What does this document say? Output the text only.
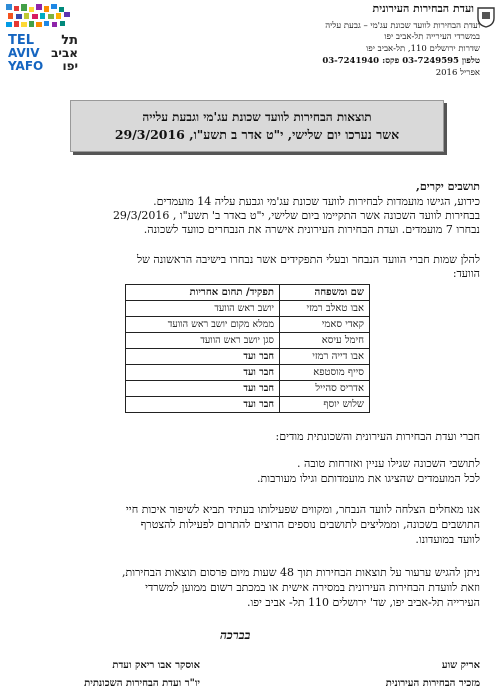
TEL
AVIV
YAFO
תל
אביב
יפו
ועדת הבחירות העירונית
ועדת הבחירות לוועד שכונת עג'מי – גבעת עליה
במשרדי העירייה תל-אביב יפו
שדרות ירושלים 110, תל-אביב יפו
טלפון 03-7249595 פקס: 03-7241940
אפריל 2016
תוצאות הבחירות לוועד שכונת עג'מי וגבעת עלייה
אשר נערכו יום שלישי, י"ט אדר ב תשע"ו, 29/3/2016
תושבים יקרים,
כידוע, הגישו מועמדות לבחירות לוועד שכונת עג'מי וגבעת עליה 14 מועמדים.
בבחירות לוועד השכונה אשר התקיימו ביום שלישי, י"ט באדר ב' תשע"ו , 29/3/2016
נבחרו 7 מועמדים. ועדת הבחירות העירונית אישרה את הנבחרים כוועד לשכונה.
להלן שמות חברי הוועד הנבחר ובעלי התפקידים אשר נבחרו בישיבה הראשונה של
הוועד:
שם ומשפחה	תפקיד/ תחום אחריות
אבו טאלב רמזי	יושב ראש הוועד
קאדי סאמי	ממלא מקום יושב ראש הוועד
חימל עיסא	סגן יושב ראש הוועד
אבו דייה רמזי	חבר ועד
סייף מוסטפא	חבר ועד
אדריס סהייל	חבר ועד
שלוש יוסף	חבר ועד
חברי ועדת הבחירות העירונית והשכונתית מודים:
לתושבי השכונה שגילו עניין ואזרחות טובה .
לכל המועמדים שהציגו את מועמדותם וגילו מעורבות.
אנו מאחלים הצלחה לוועד הנבחר, ומקווים שפעילותו בעתיד תביא לשיפור איכות חיי
התושבים בשכונה, וממליצים לתושבים נוספים הרוצים להתרום לפעילות להצטרף
לוועד במועדונו.
ניתן להגיש ערעור על תוצאות הבחירות תוך 48 שעות מיום פרסום תוצאות הבחירות,
וזאת לוועדת הבחירות העירונית במסירה אישית או במכתב רשום ממוען למשרדי
העירייה תל-אביב יפו, שד' ירושלים 110 תל- אביב יפו.
בברכה
אוסקר אבו ריאק ועדת
יו"ר ועדת הבחירות השכונתית
אריק שוע
מזכיר הבחירות העירונית
